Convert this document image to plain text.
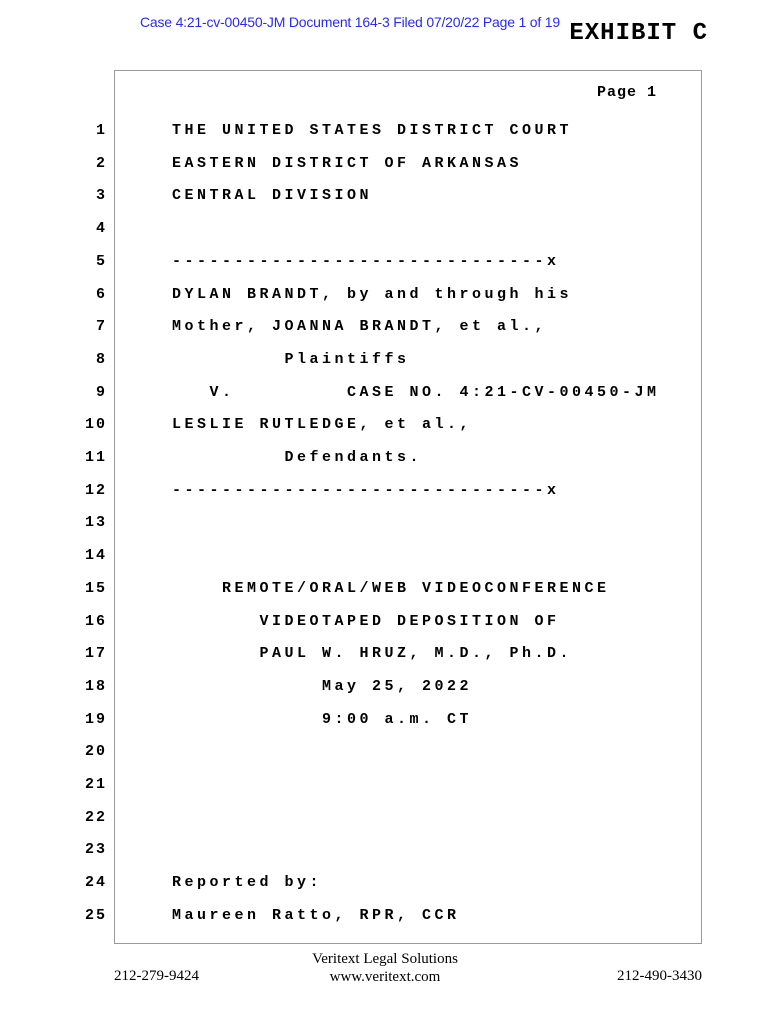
Case 4:21-cv-00450-JM Document 164-3 Filed 07/20/22 Page 1 of 19 EXHIBIT C
Page 1
1	THE UNITED STATES DISTRICT COURT
2	EASTERN DISTRICT OF ARKANSAS
3	CENTRAL DIVISION
4
5	------------------------------x
6	DYLAN BRANDT, by and through his
7	Mother, JOANNA BRANDT, et al.,
8	Plaintiffs
9	V.         CASE NO. 4:21-CV-00450-JM
10	LESLIE RUTLEDGE, et al.,
11	Defendants.
12	------------------------------x
13
14
15	REMOTE/ORAL/WEB VIDEOCONFERENCE
16	VIDEOTAPED DEPOSITION OF
17	PAUL W. HRUZ, M.D., Ph.D.
18	May 25, 2022
19	9:00 a.m. CT
20
21
22
23
24	Reported by:
25	Maureen Ratto, RPR, CCR
Veritext Legal Solutions
www.veritext.com
212-279-9424	212-490-3430
